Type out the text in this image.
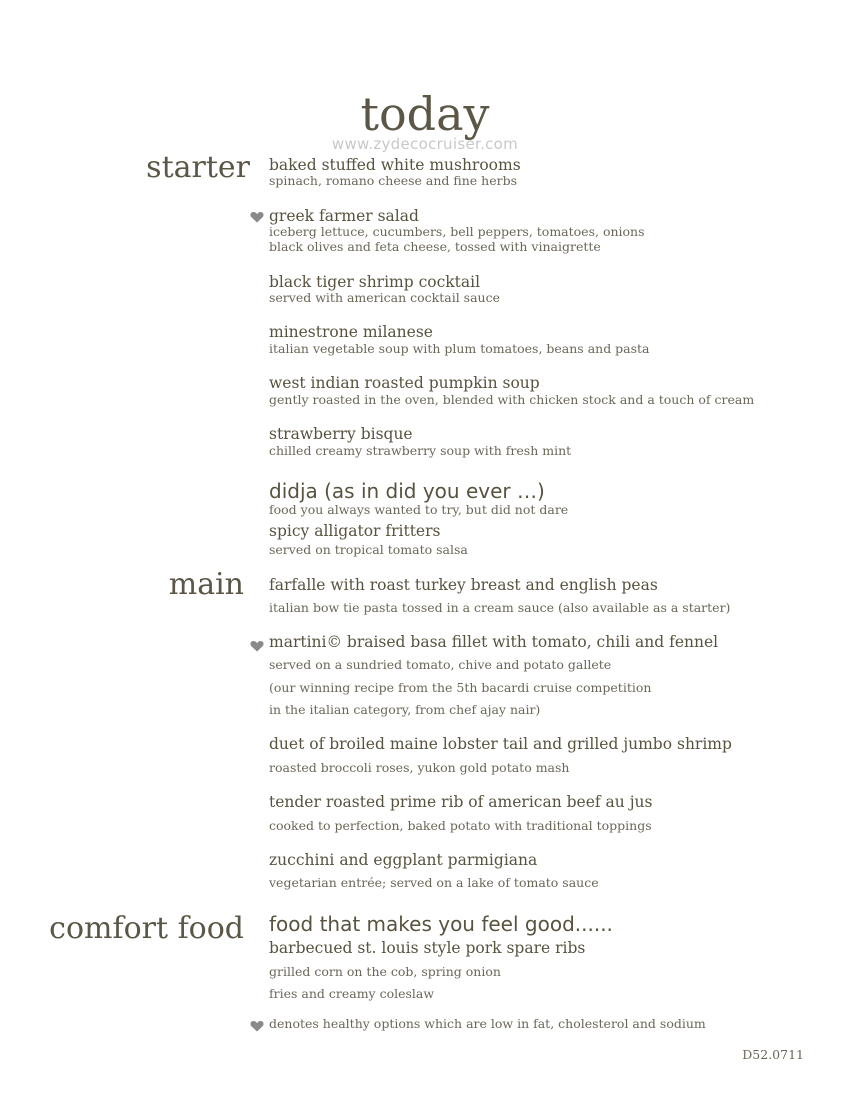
today
www.zydecocruiser.com
starter
main
comfort food
baked stuffed white mushrooms
spinach, romano cheese and fine herbs
greek farmer salad
iceberg lettuce, cucumbers, bell peppers, tomatoes, onions
black olives and feta cheese, tossed with vinaigrette
black tiger shrimp cocktail
served with american cocktail sauce
minestrone milanese
italian vegetable soup with plum tomatoes, beans and pasta
west indian roasted pumpkin soup
gently roasted in the oven, blended with chicken stock and a touch of cream
strawberry bisque
chilled creamy strawberry soup with fresh mint
didja (as in did you ever …)
food you always wanted to try, but did not dare
spicy alligator fritters
served on tropical tomato salsa
farfalle with roast turkey breast and english peas
italian bow tie pasta tossed in a cream sauce (also available as a starter)
martini© braised basa fillet with tomato, chili and fennel
served on a sundried tomato, chive and potato gallete
(our winning recipe from the 5th bacardi cruise competition
in the italian category, from chef ajay nair)
duet of broiled maine lobster tail and grilled jumbo shrimp
roasted broccoli roses, yukon gold potato mash
tender roasted prime rib of american beef au jus
cooked to perfection, baked potato with traditional toppings
zucchini and eggplant parmigiana
vegetarian entrée; served on a lake of tomato sauce
food that makes you feel good......
barbecued st. louis style pork spare ribs
grilled corn on the cob, spring onion
fries and creamy coleslaw
denotes healthy options which are low in fat, cholesterol and sodium
D52.0711
